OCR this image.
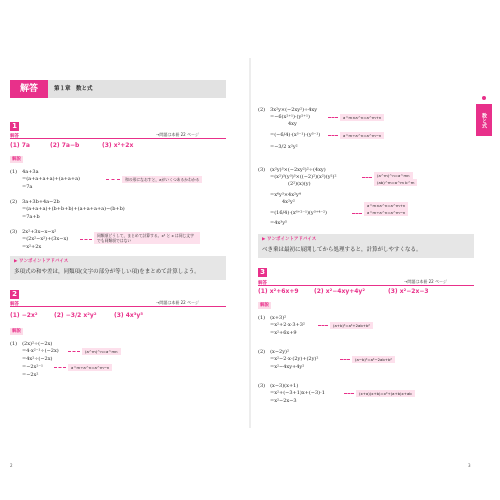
解答	第１章　数と式
1
解答	→問題は本冊 22 ページ
(1) 7a	(2) 7a−b	(3) x²+2x
解説
(1)　4a+3a
=(a+a+a+a)+(a+a+a)
=7a
和の形になおすと，aがいくつあるかわかる
(2)　3a+3b+4a−2b
=(a+a+a)+(b+b+b)+(a+a+a+a)−(b+b)
=7a+b
(3)　2x²+3x−x−x²
=(2x²−x²)+(3x−x)
=x²+2x
同類項どうして，まとめて計算する。x² と x は同じ文字でも同類項ではない
▶ ワンポイントアドバイス
多項式の和や差は，同類項(文字の部分が等しい項)をまとめて計算しよう。
2
解答	→問題は本冊 22 ページ
(1) −2x²	(2) −3/2 x²y²	(3) 4x³y⁵
解説
(1)　(2x)²÷(−2x)
=4·x²⁻¹÷(−2x)	(a^m)^n=a^mn
=4x²÷(−2x)
=−2x²⁻¹	a^m÷a^n=a^m−n
=−2x²
2
(2)　3x²y×(−2xy²)÷4xy
=−6(x²⁺¹)·(y²⁺¹)
4xy
a^m×a^n=a^m+n
=(−6/4)·(x³⁻¹)·(y³⁻¹)	a^m÷a^n=a^m−n
=−3/2 x²y²
(3)　(x²y)³×(−2xy²)²÷(4xy)
=(x²)³(y³)³×((−2)²)(x²)(y²)²
(2²)(x)(y)
(a^m)^n=a^mn
(ab)^m=a^m b^m
=x⁶y³×4x²y⁴
4x²y²
=(16/4)·(x⁶⁺²⁻¹)(y³⁺⁴⁻²)
a^m×a^n=a^m+n
a^m÷a^n=a^m−n
=4x³y⁵
▶ ワンポイントアドバイス
べき乗は最初に展開してから処理すると，計算がしやすくなる。
3
解答	→問題は本冊 22 ページ
(1) x²+6x+9	(2) x²−4xy+4y²	(3) x²−2x−3
解説
(1)　(x+3)²
=x²+2·x·3+3²	(a+b)²=a²+2ab+b²
=x²+6x+9
(2)　(x−2y)²
=x²−2·x·(2y)+(2y)²	(a−b)²=a²−2ab+b²
=x²−4xy+4y²
(3)　(x−3)(x+1)
=x²+(−3+1)x+(−3)·1	(x+a)(x+b)=x²+(a+b)x+ab
=x²−2x−3
3
数と式
